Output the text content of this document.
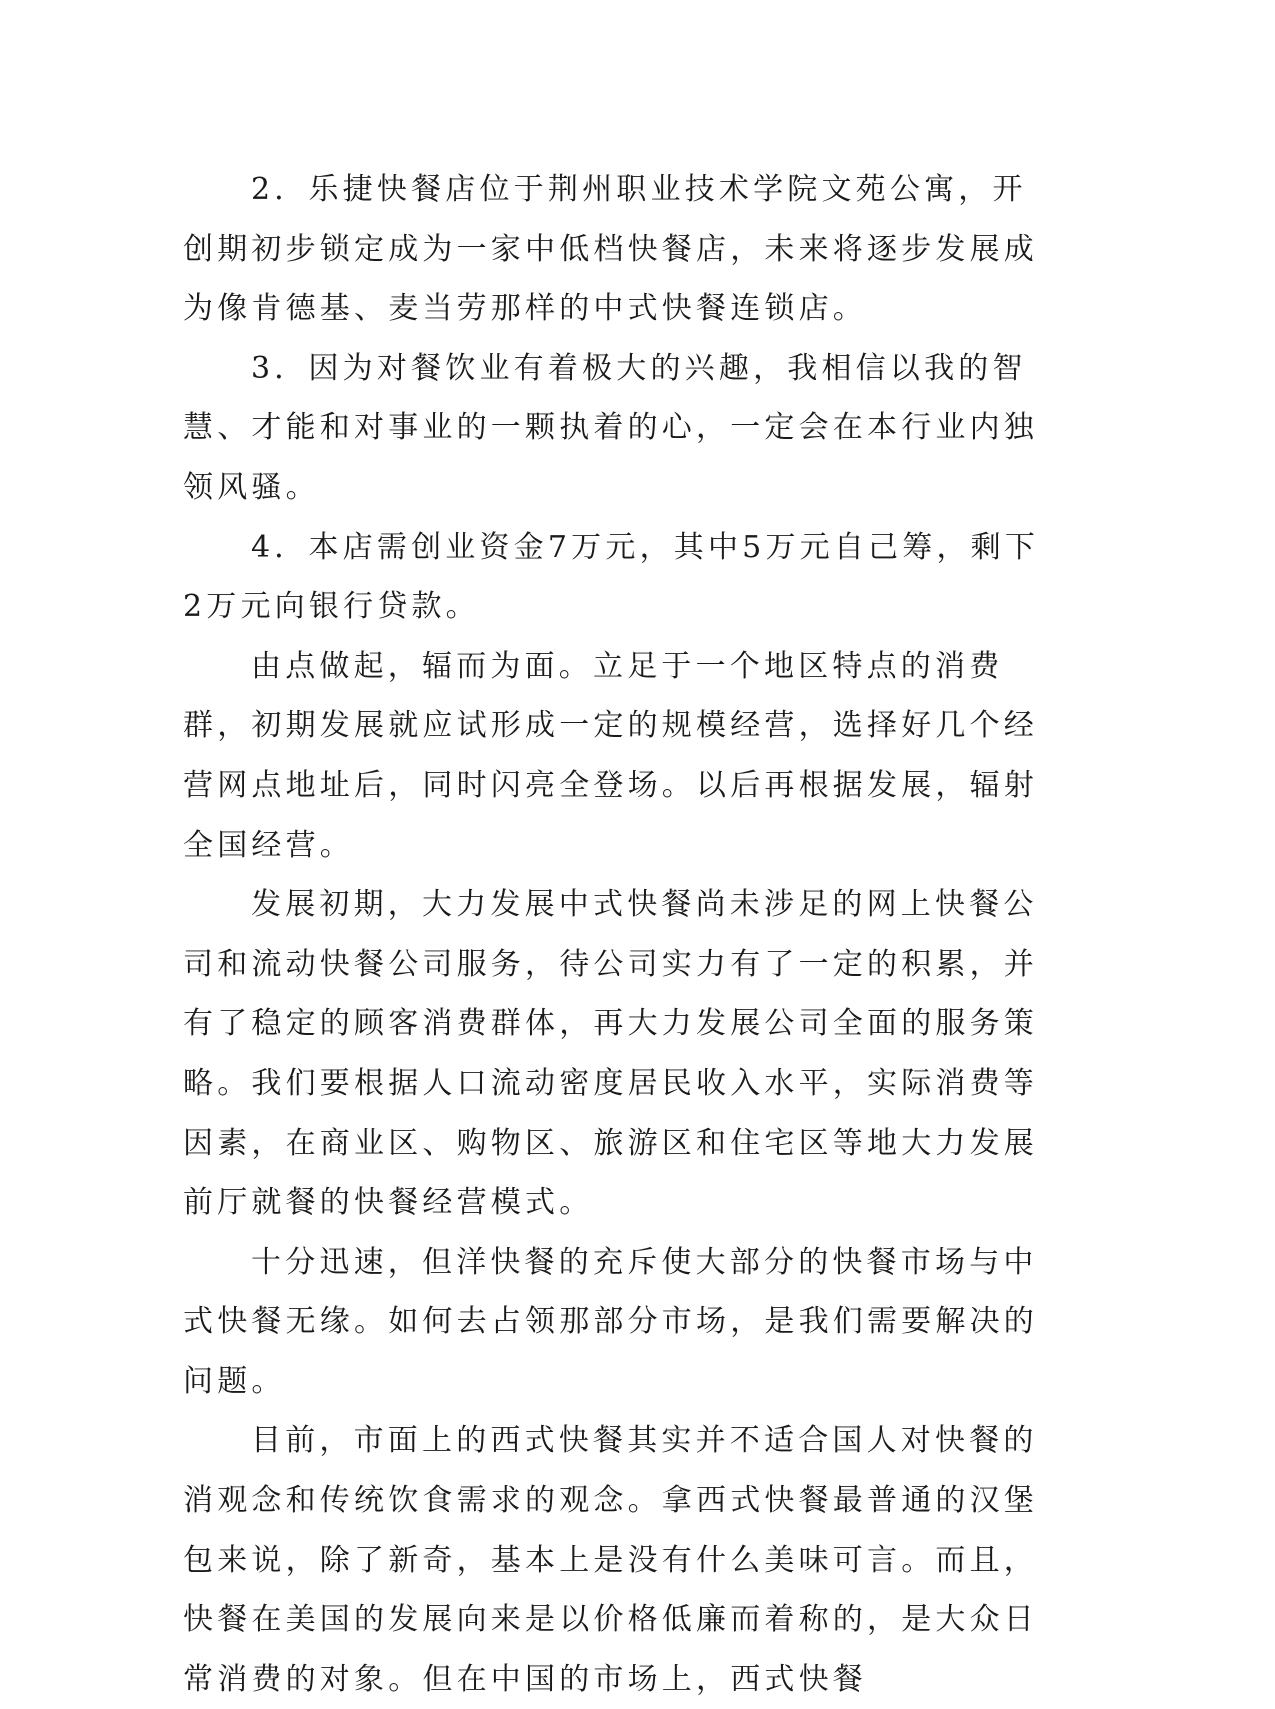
2．乐捷快餐店位于荆州职业技术学院文苑公寓，开创期初步锁定成为一家中低档快餐店，未来将逐步发展成为像肯德基、麦当劳那样的中式快餐连锁店。

3．因为对餐饮业有着极大的兴趣，我相信以我的智慧、才能和对事业的一颗执着的心，一定会在本行业内独领风骚。

4．本店需创业资金7万元，其中5万元自己筹，剩下2万元向银行贷款。

由点做起，辐而为面。立足于一个地区特点的消费群，初期发展就应试形成一定的规模经营，选择好几个经营网点地址后，同时闪亮全登场。以后再根据发展，辐射全国经营。

发展初期，大力发展中式快餐尚未涉足的网上快餐公司和流动快餐公司服务，待公司实力有了一定的积累，并有了稳定的顾客消费群体，再大力发展公司全面的服务策略。我们要根据人口流动密度居民收入水平，实际消费等因素，在商业区、购物区、旅游区和住宅区等地大力发展前厅就餐的快餐经营模式。

十分迅速，但洋快餐的充斥使大部分的快餐市场与中式快餐无缘。如何去占领那部分市场，是我们需要解决的问题。

目前，市面上的西式快餐其实并不适合国人对快餐的消观念和传统饮食需求的观念。拿西式快餐最普通的汉堡包来说，除了新奇，基本上是没有什么美味可言。而且，快餐在美国的发展向来是以价格低廉而着称的，是大众日常消费的对象。但在中国的市场上，西式快餐
